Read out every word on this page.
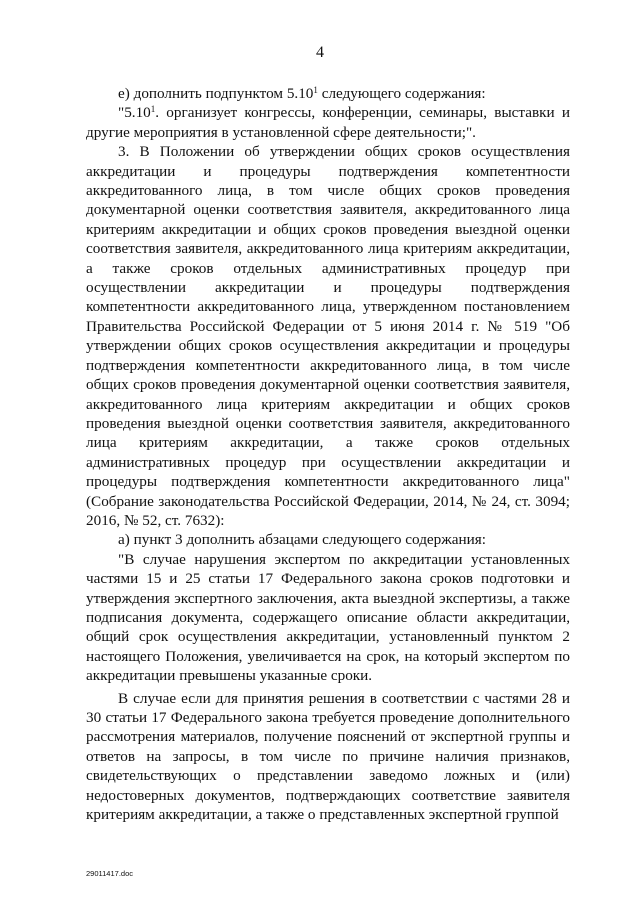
4

е) дополнить подпунктом 5.10$^1$ следующего содержания:

"5.10$^1$. организует конгрессы, конференции, семинары, выставки и другие мероприятия в установленной сфере деятельности;".

3. В Положении об утверждении общих сроков осуществления аккредитации и процедуры подтверждения компетентности аккредитованного лица, в том числе общих сроков проведения документарной оценки соответствия заявителя, аккредитованного лица критериям аккредитации и общих сроков проведения выездной оценки соответствия заявителя, аккредитованного лица критериям аккредитации, а также сроков отдельных административных процедур при осуществлении аккредитации и процедуры подтверждения компетентности аккредитованного лица, утвержденном постановлением Правительства Российской Федерации от 5 июня 2014 г. № 519 "Об утверждении общих сроков осуществления аккредитации и процедуры подтверждения компетентности аккредитованного лица, в том числе общих сроков проведения документарной оценки соответствия заявителя, аккредитованного лица критериям аккредитации и общих сроков проведения выездной оценки соответствия заявителя, аккредитованного лица критериям аккредитации, а также сроков отдельных административных процедур при осуществлении аккредитации и процедуры подтверждения компетентности аккредитованного лица" (Собрание законодательства Российской Федерации, 2014, № 24, ст. 3094; 2016, № 52, ст. 7632):

а) пункт 3 дополнить абзацами следующего содержания:

"В случае нарушения экспертом по аккредитации установленных частями 15 и 25 статьи 17 Федерального закона сроков подготовки и утверждения экспертного заключения, акта выездной экспертизы, а также подписания документа, содержащего описание области аккредитации, общий срок осуществления аккредитации, установленный пунктом 2 настоящего Положения, увеличивается на срок, на который экспертом по аккредитации превышены указанные сроки.

В случае если для принятия решения в соответствии с частями 28 и 30 статьи 17 Федерального закона требуется проведение дополнительного рассмотрения материалов, получение пояснений от экспертной группы и ответов на запросы, в том числе по причине наличия признаков, свидетельствующих о представлении заведомо ложных и (или) недостоверных документов, подтверждающих соответствие заявителя критериям аккредитации, а также о представленных экспертной группой

29011417.doc
